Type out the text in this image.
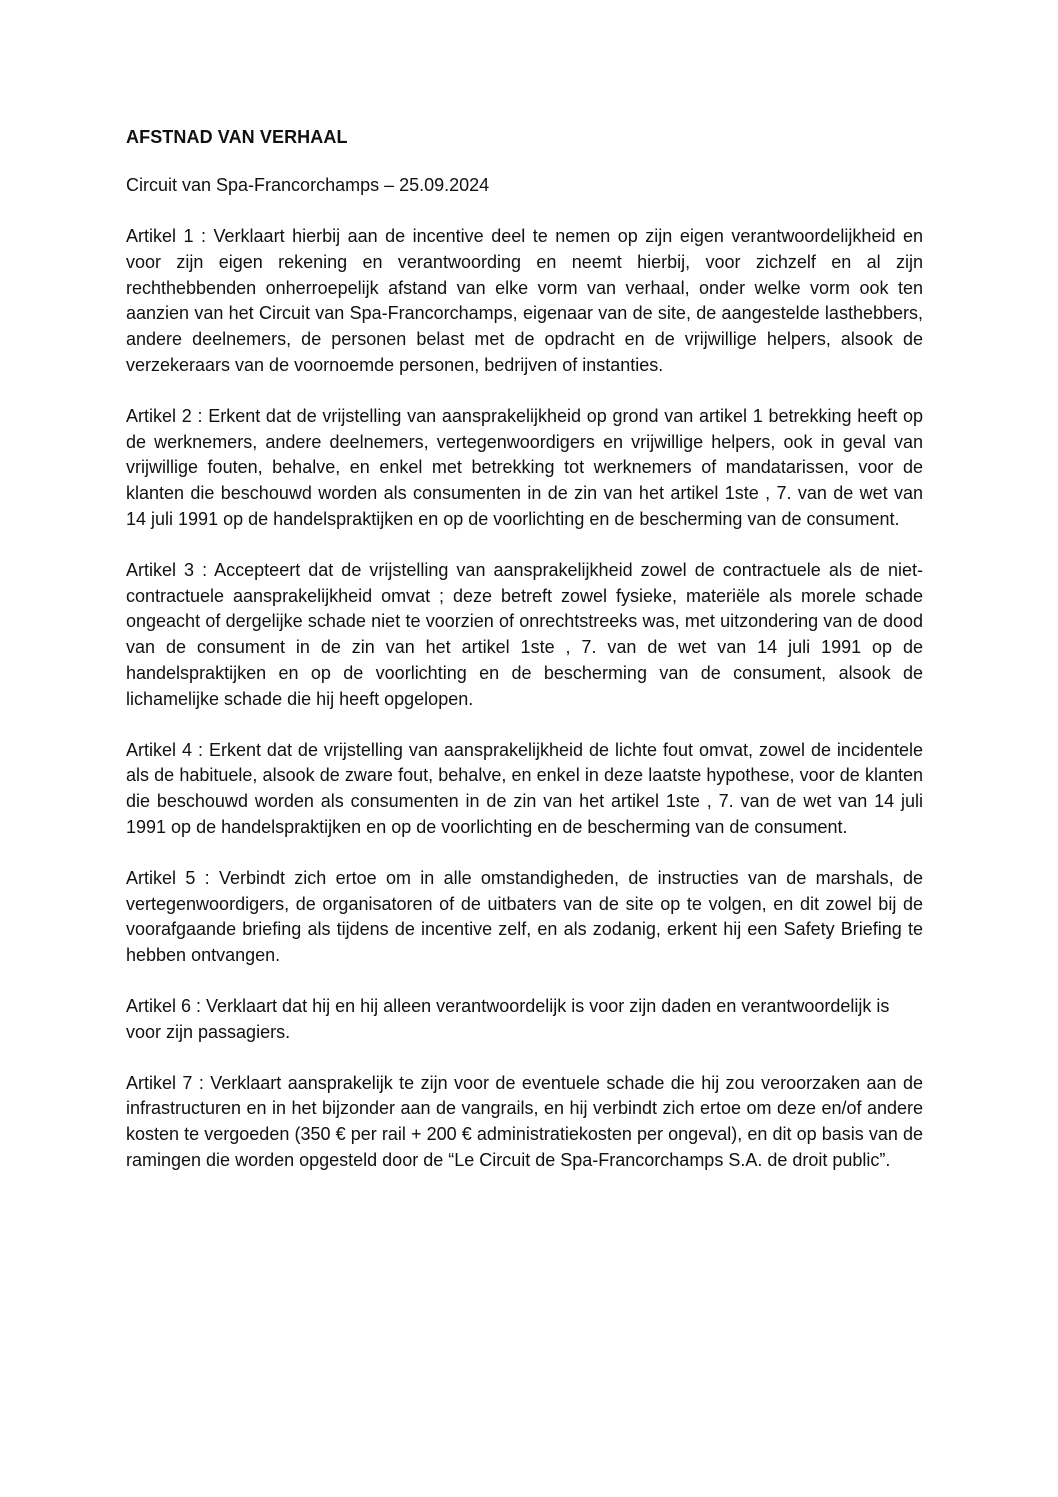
AFSTNAD VAN VERHAAL
Circuit van Spa-Francorchamps – 25.09.2024

Artikel 1 : Verklaart hierbij aan de incentive deel te nemen op zijn eigen verantwoordelijkheid en voor zijn eigen rekening en verantwoording en neemt hierbij, voor zichzelf en al zijn rechthebbenden onherroepelijk afstand van elke vorm van verhaal, onder welke vorm ook ten aanzien van het Circuit van Spa-Francorchamps, eigenaar van de site, de aangestelde lasthebbers, andere deelnemers, de personen belast met de opdracht en de vrijwillige helpers, alsook de verzekeraars van de voornoemde personen, bedrijven of instanties.

Artikel 2 : Erkent dat de vrijstelling van aansprakelijkheid op grond van artikel 1 betrekking heeft op de werknemers, andere deelnemers, vertegenwoordigers en vrijwillige helpers, ook in geval van vrijwillige fouten, behalve, en enkel met betrekking tot werknemers of mandatarissen, voor de klanten die beschouwd worden als consumenten in de zin van het artikel 1ste , 7. van de wet van 14 juli 1991 op de handelspraktijken en op de voorlichting en de bescherming van de consument.

Artikel 3 : Accepteert dat de vrijstelling van aansprakelijkheid zowel de contractuele als de niet-contractuele aansprakelijkheid omvat ; deze betreft zowel fysieke, materiële als morele schade ongeacht of dergelijke schade niet te voorzien of onrechtstreeks was, met uitzondering van de dood van de consument in de zin van het artikel 1ste , 7. van de wet van 14 juli 1991 op de handelspraktijken en op de voorlichting en de bescherming van de consument, alsook de lichamelijke schade die hij heeft opgelopen.

Artikel 4 : Erkent dat de vrijstelling van aansprakelijkheid de lichte fout omvat, zowel de incidentele als de habituele, alsook de zware fout, behalve, en enkel in deze laatste hypothese, voor de klanten die beschouwd worden als consumenten in de zin van het artikel 1ste , 7. van de wet van 14 juli 1991 op de handelspraktijken en op de voorlichting en de bescherming van de consument.

Artikel 5 : Verbindt zich ertoe om in alle omstandigheden, de instructies van de marshals, de vertegenwoordigers, de organisatoren of de uitbaters van de site op te volgen, en dit zowel bij de voorafgaande briefing als tijdens de incentive zelf, en als zodanig, erkent hij een Safety Briefing te hebben ontvangen.

Artikel 6 : Verklaart dat hij en hij alleen verantwoordelijk is voor zijn daden en verantwoordelijk is voor zijn passagiers.

Artikel 7 : Verklaart aansprakelijk te zijn voor de eventuele schade die hij zou veroorzaken aan de infrastructuren en in het bijzonder aan de vangrails, en hij verbindt zich ertoe om deze en/of andere kosten te vergoeden (350 € per rail + 200 € administratiekosten per ongeval), en dit op basis van de ramingen die worden opgesteld door de “Le Circuit de Spa-Francorchamps S.A. de droit public”.
